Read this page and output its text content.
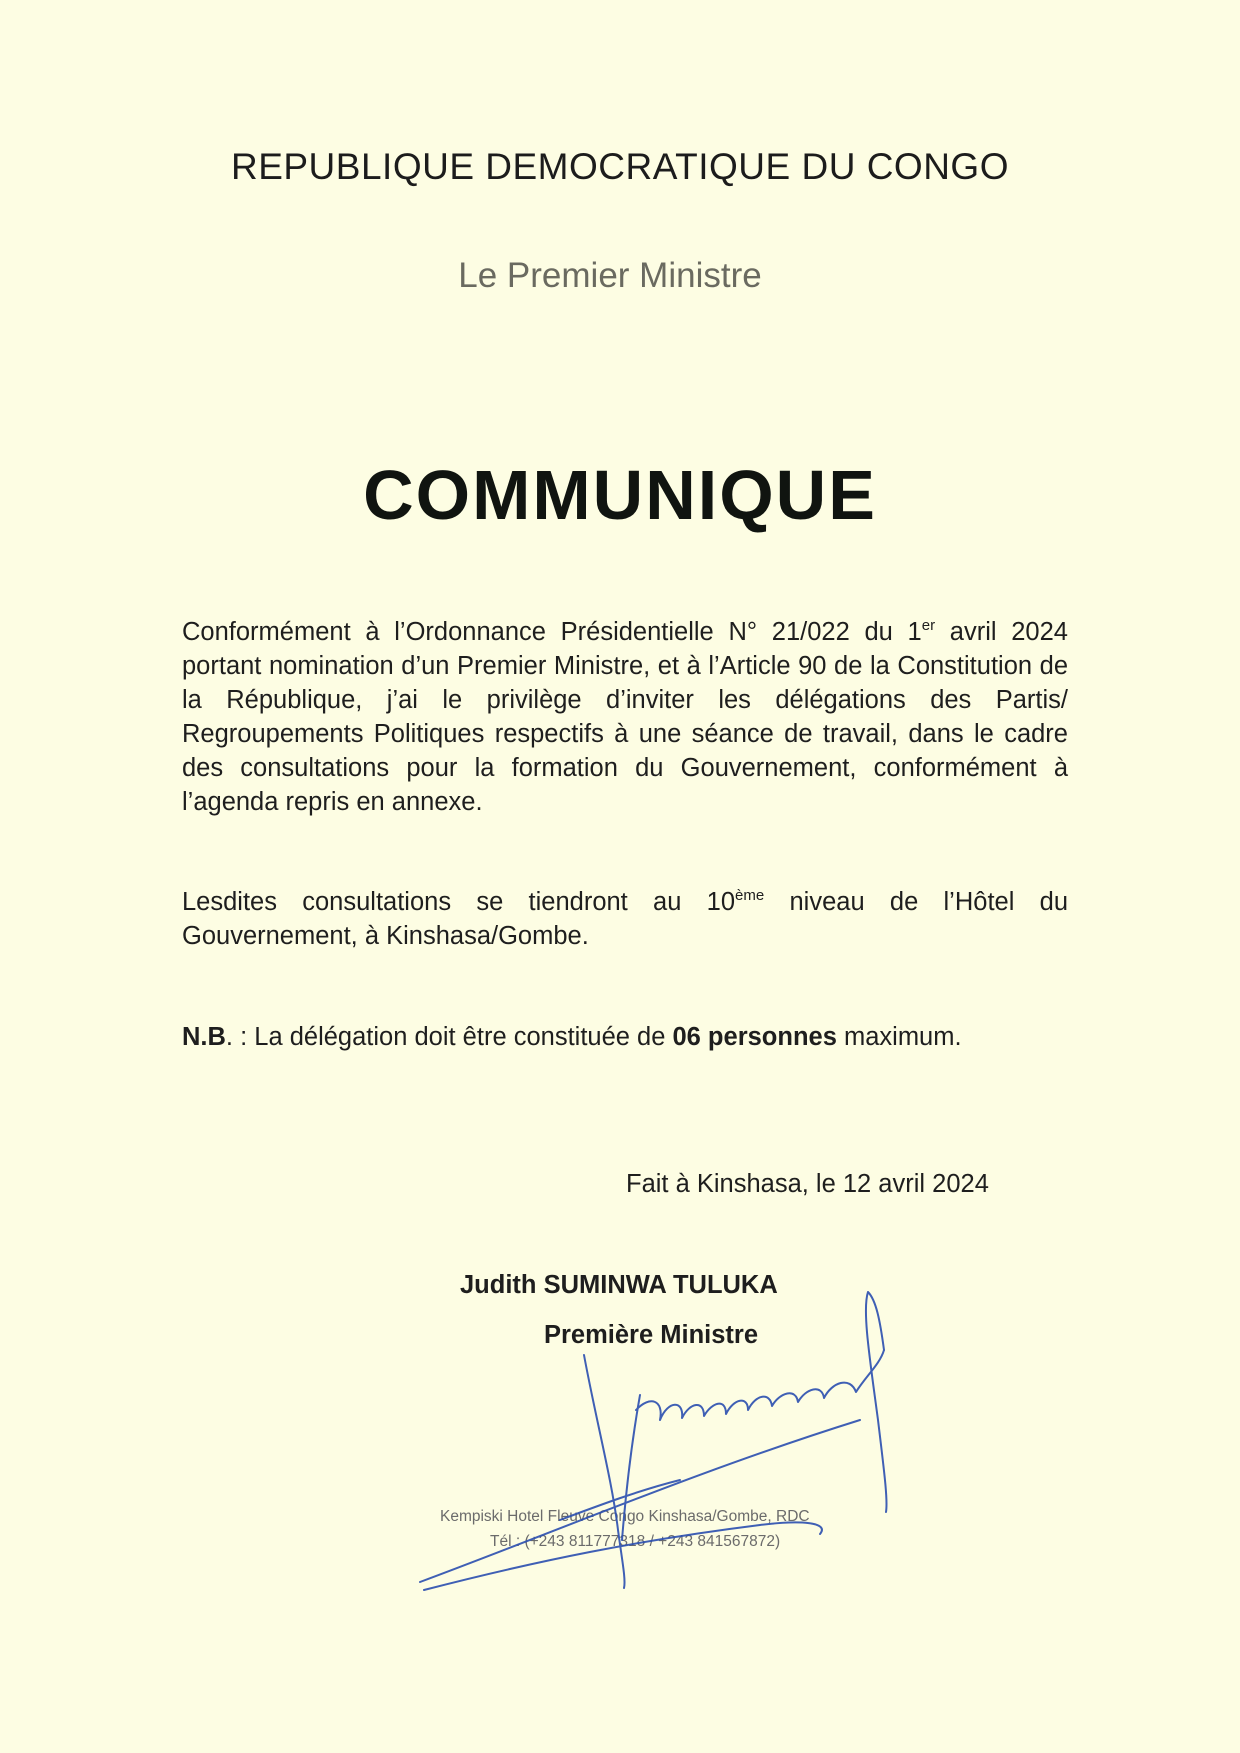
REPUBLIQUE DEMOCRATIQUE DU CONGO
Le Premier Ministre
COMMUNIQUE
Conformément à l’Ordonnance Présidentielle N° 21/022 du 1er avril 2024 portant nomination d’un Premier Ministre, et à l’Article 90 de la Constitution de la République, j’ai le privilège d’inviter les délégations des Partis/ Regroupements Politiques respectifs à une séance de travail, dans le cadre des consultations pour la formation du Gouvernement, conformément à l’agenda repris en annexe.
Lesdites consultations se tiendront au 10ème niveau de l’Hôtel du Gouvernement, à Kinshasa/Gombe.
N.B. : La délégation doit être constituée de 06 personnes maximum.
Fait à Kinshasa, le 12 avril 2024
Judith SUMINWA TULUKA
Première Ministre
Kempiski Hotel Fleuve Congo Kinshasa/Gombe, RDC
Tél : (+243 811777318 / +243 841567872)
